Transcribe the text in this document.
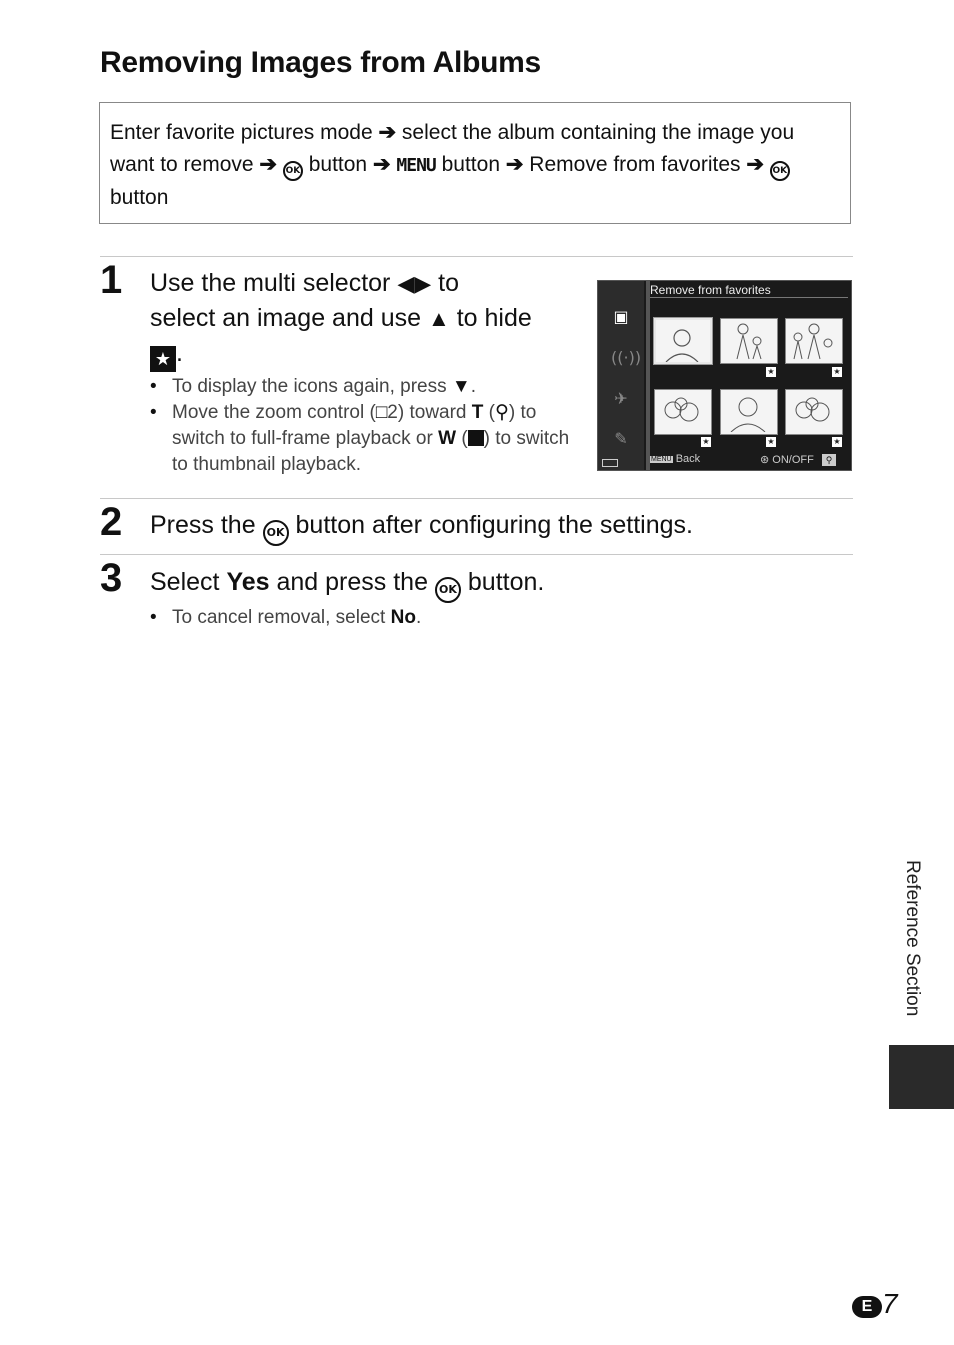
Removing Images from Albums
Enter favorite pictures mode ➔ select the album containing the image you want to remove ➔ OK button ➔ MENU button ➔ Remove from favorites ➔ OK button
1 Use the multi selector ◀▶ to
select an image and use ▲ to hide
★ .
• To display the icons again, press ▼.
• Move the zoom control (□2) toward T (⚲) to switch to full-frame playback or W ( ) to switch to thumbnail playback.
▣
((·))
✈
✎
Remove from favorites
★	★
★	★	★
MENU Back	⊛ ON/OFF	⚲
2 Press the OK button after configuring the settings.
3 Select Yes and press the OK button.
• To cancel removal, select No.
Reference Section
E 7
